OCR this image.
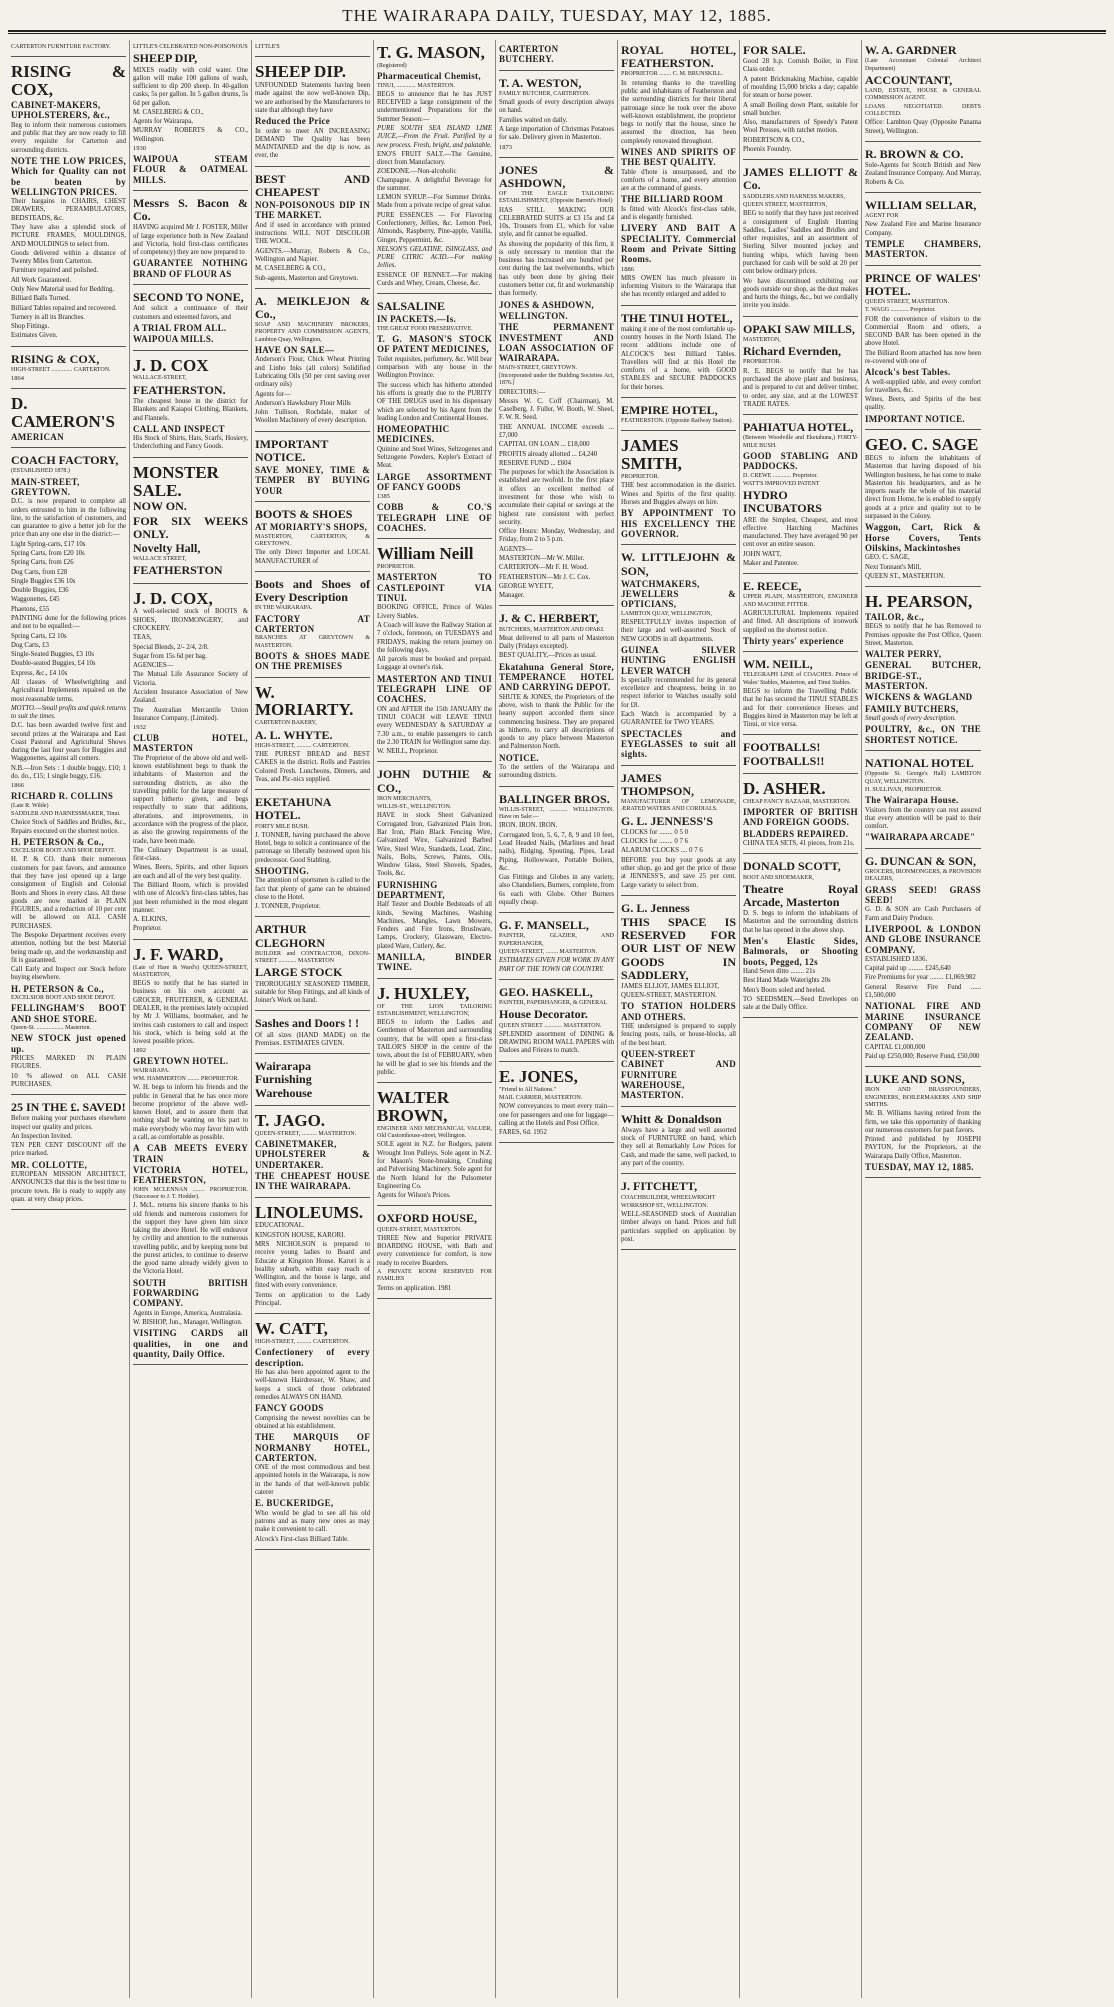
THE WAIRARAPA DAILY, TUESDAY, MAY 12, 1885.

CARTERTON FURNITURE FACTORY.

RISING & COX,

CABINET-MAKERS, UPHOLSTERERS, &c.,

Beg to inform their numerous customers and public that they are now ready to fill every requisite for Carterton and surrounding districts.

NOTE THE LOW PRICES, Which for Quality can not be beaten by WELLINGTON PRICES.

Their bargains in CHAIRS, CHEST DRAWERS, PERAMBULATORS, BEDSTEADS, &c.

They have also a splendid stock of PICTURE FRAMES, MOULDINGS, AND MOULDINGS to select from.

Goods delivered within a distance of Twenty Miles from Carterton.

Furniture repaired and polished.

All Work Guaranteed.

Only New Material used for Bedding.

Billiard Balls Turned.

Billiard Tables repaired and recovered.

Turnery in all its Branches.

Shop Fittings.

Estimates Given.

RISING & COX,

HIGH-STREET .............. CARTERTON.

1864

D. CAMERON'S

AMERICAN

COACH FACTORY,

(ESTABLISHED 1878.)

MAIN-STREET, GREYTOWN.

D.C. is now prepared to complete all orders entrusted to him in the following line, to the satisfaction of customers, and can guarantee to give a better job for the price than any one else in the district:—

Light Spring-carts, £17 10s

Spring Carts, from £20 10s

Spring Carts, from £26

Dog Carts, from £28

Single Buggies £36 10s

Double Buggies, £36

Waggonettes, £45

Phaetons, £55

PAINTING done for the following prices and not to be equalled:—

Spring Carts, £2 10s

Dog Carts, £3

Single-Seated Buggies, £3 10s

Double-seated Buggies, £4 10s

Express, &c., £4 10s

All classes of Wheelwrighting and Agricultural Implements repaired on the most reasonable terms.

MOTTO.—Small profits and quick returns to suit the times.

D.C. has been awarded twelve first and second prizes at the Wairarapa and East Coast Pastoral and Agricultural Shows during the last four years for Buggies and Waggonettes, against all comers.

N.B.—Iron Sets : 1 double buggy, £10; 1 do. do., £15; 1 single buggy, £16.

1866

RICHARD R. COLLINS

(Late R. Wilde)

SADDLER AND HARNESSMAKER, Tinui.

Choice Stock of Saddles and Bridles, &c., Repairs executed on the shortest notice.

H. PETERSON & Co.,

EXCELSIOR BOOT AND SHOE DEPOT.

H. P. & CO. thank their numerous customers for past favors, and announce that they have just opened up a large consignment of English and Colonial Boots and Shoes in every class. All these goods are now marked in PLAIN FIGURES, and a reduction of 10 per cent will be allowed on ALL CASH PURCHASES.

The Bespoke Department receives every attention, nothing but the best Material being made up, and the workmanship and fit is guaranteed.

Call Early and Inspect our Stock before buying elsewhere.

H. PETERSON & Co.,

EXCELSIOR BOOT AND SHOE DEPOT.

FELLINGHAM'S BOOT AND SHOE STORE.

Queen-St. .................. Masterton.

NEW STOCK just opened up.

PRICES MARKED IN PLAIN FIGURES.

10 % allowed on ALL CASH PURCHASES.

25 IN THE £. SAVED!

Before making your purchases elsewhere inspect our quality and prices.

An Inspection Invited.

TEN PER CENT DISCOUNT off the price marked.

MR. COLLOTTE,

EUROPEAN MISSION ARCHITECT, ANNOUNCES that this is the best time to procure town. He is ready to supply any quan. at very cheap prices.

LITTLE'S CELEBRATED NON-POISONOUS

SHEEP DIP,

MIXES readily with cold water. One gallon will make 100 gallons of wash, sufficient to dip 200 sheep. In 40-gallon casks, 5s per gallon. In 5 gallon drums, 5s 6d per gallon.

M. CASELBERG & CO.,

Agents for Wairarapa,

MURRAY ROBERTS & CO., Wellington.

1930

WAIPOUA STEAM FLOUR & OATMEAL MILLS.

Messrs S. Bacon & Co.

HAVING acquired Mr J. FOSTER, Miller of large experience both in New Zealand and Victoria, hold first-class certificates of competency) they are now prepared to

GUARANTEE NOTHING BRAND OF FLOUR AS

SECOND TO NONE,

And solicit a continuance of their customers and esteemed favors, and

A TRIAL FROM ALL.

WAIPOUA MILLS.

J. D. COX

WALLACE-STREET,

FEATHERSTON.

The cheapest house in the district for Blankets and Kaiapoi Clothing, Blankets, and Flannels.

CALL AND INSPECT

His Stock of Shirts, Hats, Scarfs, Hosiery, Underclothing and Fancy Goods.

MONSTER SALE.

NOW ON.

FOR SIX WEEKS ONLY.

Novelty Hall,

WALLACE STREET,

FEATHERSTON

J. D. COX,

A well-selected stock of BOOTS & SHOES, IRONMONGERY, and CROCKERY.

TEAS,

Special Blends, 2/- 2/4, 2/8.

Sugar from 15s 6d per bag.

AGENCIES—

The Mutual Life Assurance Society of Victoria.

Accident Insurance Association of New Zealand.

The Australian Mercantile Union Insurance Company, (Limited).

1932

CLUB HOTEL, MASTERTON

The Proprietor of the above old and well-known establishment begs to thank the inhabitants of Masterton and the surrounding districts, as also the travelling public for the large measure of support hitherto given, and begs respectfully to state that additions, alterations, and improvements, in accordance with the progress of the place, as also the growing requirements of the trade, have been made.

The Culinary Department is as usual, first-class.

Wines, Beers, Spirits, and other liquors are each and all of the very best quality.

The Billiard Room, which is provided with one of Alcock's first-class tables, has just been refurnished in the most elegant manner.

A. ELKINS,

Proprietor.

J. F. WARD,

(Late of Hare & Ward's) QUEEN-STREET, MASTERTON,

BEGS to notify that he has started in business on his own account as GROCER, FRUITERER, & GENERAL DEALER, in the premises lately occupied by Mr J. Williams, bootmaker, and he invites cash customers to call and inspect his stock, which is being sold at the lowest possible prices.

1892

GREYTOWN HOTEL.

WAIRARAPA.

WM. HAMMERTON ........ PROPRIETOR.

W. H. begs to inform his friends and the public in General that he has once more become proprietor of the above well-known Hotel, and to assure them that nothing shall be wanting on his part to make everybody who may favor him with a call, as comfortable as possible.

A CAB MEETS EVERY TRAIN

VICTORIA HOTEL, FEATHERSTON,

JOHN MCLENNAN ........ PROPRIETOR. (Successor to J. T. Hodder).

J. McL. returns his sincere thanks to his old friends and numerous customers for the support they have given him since taking the above Hotel. He will endeavor by civility and attention to the numerous travelling public, and by keeping none but the purest articles, to continue to deserve the good name already widely given to the Victoria Hotel.

SOUTH BRITISH FORWARDING COMPANY.

Agents in Europe, America, Australasia.

W. BISHOP, Jun., Manager, Wellington.

VISITING CARDS all qualities, in one and quantity, Daily Office.

LITTLE'S

SHEEP DIP.

UNFOUNDED Statements having been made against the now well-known Dip, we are authorised by the Manufacturers to state that although they have

Reduced the Price

In order to meet AN INCREASING DEMAND The Quality has been MAINTAINED and the dip is now, as ever, the

BEST AND CHEAPEST

NON-POISONOUS DIP IN THE MARKET.

And if used in accordance with printed instructions WILL NOT DISCOLOR THE WOOL.

AGENTS.—Murray, Roberts & Co., Wellington and Napier.

M. CASELBERG & CO.,

Sub-agents, Masterton and Greytown.

A. MEIKLEJON & Co.,

SOAP AND MACHINERY BROKERS, PROPERTY AND COMMISSION AGENTS, Lambton Quay, Wellington,

HAVE ON SALE—

Anderson's Flour, Chick Wheat Printing and Linho Inks (all colors) Solidified Lubricating Oils (50 per cent saving over ordinary oils)

Agents for—

Anderson's Hawksbury Flour Mills

John Tullison, Rochdale, maker of Woollen Machinery of every description.

IMPORTANT NOTICE.

SAVE MONEY, TIME & TEMPER BY BUYING YOUR

BOOTS & SHOES

AT MORIARTY'S SHOPS,

MASTERTON, CARTERTON, & GREYTOWN.

The only Direct Importer and LOCAL MANUFACTURER of

Boots and Shoes of Every Description

IN THE WAIRARAPA.

FACTORY AT CARTERTON

BRANCHES AT GREYTOWN & MASTERTON.

BOOTS & SHOES MADE ON THE PREMISES

W. MORIARTY.

CARTERTON BAKERY,

A. L. WHYTE.

HIGH-STREET, .......... CARTERTON.

THE PUREST BREAD and BEST CAKES in the district. Rolls and Pastries Colored Fresh. Luncheons, Dinners, and Teas, and Pic-nics supplied.

EKETAHUNA HOTEL.

FORTY MILE BUSH.

J. TONNER, having purchased the above Hotel, begs to solicit a continuance of the patronage so liberally bestowed upon his predecessor. Good Stabling.

SHOOTING.

The attention of sportsmen is called to the fact that plenty of game can be obtained close to the Hotel.

J. TONNER, Proprietor.

ARTHUR CLEGHORN

BUILDER and CONTRACTOR, DIXON-STREET ............ MASTERTON

LARGE STOCK

THOROUGHLY SEASONED TIMBER, suitable for Shop Fittings, and all kinds of Joiner's Work on hand.

Sashes and Doors ! !

Of all sizes (HAND MADE) on the Premises. ESTIMATES GIVEN.

Wairarapa Furnishing Warehouse

T. JAGO.

QUEEN-STREET, .......... MASTERTON.

CABINETMAKER, UPHOLSTERER & UNDERTAKER.

THE CHEAPEST HOUSE IN THE WAIRARAPA.

LINOLEUMS.

EDUCATIONAL.

KINGSTON HOUSE, KARORI.

MRS NICHOLSON is prepared to receive young ladies to Board and Educate at Kingston House. Karori is a healthy suburb, within easy reach of Wellington, and the house is large, and fitted with every convenience.

Terms on application to the Lady Principal.

W. CATT,

HIGH-STREET, .......... CARTERTON.

Confectionery of every description.

He has also been appointed agent to the well-known Hairdresser, W. Shaw, and keeps a stock of those celebrated remedies ALWAYS ON HAND.

FANCY GOODS

Comprising the newest novelties can be obtained at his establishment.

THE MARQUIS OF NORMANBY HOTEL, CARTERTON.

ONE of the most commodious and best appointed hotels in the Wairarapa, is now in the hands of that well-known public caterer

E. BUCKERIDGE,

Who would be glad to see all his old patrons and as many new ones as may make it convenient to call.

Alcock's First-class Billiard Table.

T. G. MASON,

(Registered)

Pharmaceutical Chemist,

TINUI, ............. MASTERTON.

BEGS to announce that he has JUST RECEIVED a large consignment of the undermentioned Preparations for the Summer Season:—

PURE SOUTH SEA ISLAND LIME JUICE,—From the Fruit. Purified by a new process. Fresh, bright, and palatable.

ENO'S FRUIT SALT.—The Genuine, direct from Manufactory.

ZOEDONE.—Non-alcoholic Champagne. A delightful Beverage for the summer.

LEMON SYRUP.—For Summer Drinks. Made from a private recipe of great value.

PURE ESSENCES — For Flavoring Confectionery, Jellies, &c. Lemon Peel, Almonds, Raspberry, Pine-apple, Vanilla, Ginger, Peppermint, &c.

NELSON'S GELATINE, ISINGLASS, and PURE CITRIC ACID.—For making Jellies.

ESSENCE OF RENNET.—For making Curds and Whey, Cream, Cheese, &c.

SALSALINE

IN PACKETS.—Is.

THE GREAT FOOD PRESERVATIVE.

T. G. MASON'S STOCK OF PATENT MEDICINES,

Toilet requisites, perfumery, &c. Will bear comparison with any house in the Wellington Province.

The success which has hitherto attended his efforts is greatly due to the PURITY OF THE DRUGS used in his dispensary which are selected by his Agent from the leading London and Continental Houses.

HOMEOPATHIC MEDICINES.

Quinine and Steel Wines, Seltzogenes and Seltzogene Powders, Kepler's Extract of Meat.

LARGE ASSORTMENT OF FANCY GOODS

1385

COBB & CO.'S TELEGRAPH LINE OF COACHES.

William Neill

PROPRIETOR.

MASTERTON TO CASTLEPOINT VIA TINUI.

BOOKING OFFICE, Prince of Wales Livery Stables.

A Coach will leave the Railway Station at 7 o'clock, forenoon, on TUESDAYS and FRIDAYS, making the return journey on the following days.

All parcels must be booked and prepaid. Luggage at owner's risk.

MASTERTON AND TINUI TELEGRAPH LINE OF COACHES.

ON and AFTER the 15th JANUARY the TINUI COACH will LEAVE TINUI every WEDNESDAY & SATURDAY at 7.30 a.m., to enable passengers to catch the 2.30 TRAIN for Wellington same day.

W. NEILL, Proprietor.

JOHN DUTHIE & CO.,

IRON MERCHANTS,

WILLIS-ST., WELLINGTON.

HAVE in stock Sheet Galvanized Corrugated Iron, Galvanized Plain Iron, Bar Iron, Plain Black Fencing Wire, Galvanized Wire, Galvanized Barbed Wire, Steel Wire, Standards, Lead, Zinc, Nails, Bolts, Screws, Paints, Oils, Window Glass, Steel Shovels, Spades, Tools, &c.

FURNISHING DEPARTMENT,

Half Tester and Double Bedsteads of all kinds, Sewing Machines, Washing Machines, Mangles, Lawn Mowers, Fenders and Fire Irons, Brushware, Lamps, Crockery, Glassware, Electro-plated Ware, Cutlery, &c.

MANILLA, BINDER TWINE.

J. HUXLEY,

OF THE LION TAILORING ESTABLISHMENT, WELLINGTON,

BEGS to inform the Ladies and Gentlemen of Masterton and surrounding country, that he will open a first-class TAILOR'S SHOP in the centre of the town, about the 1st of FEBRUARY, when he will be glad to see his friends and the public.

WALTER BROWN,

ENGINEER AND MECHANICAL VALUER, Old Customhouse-street, Wellington.

SOLE agent in N.Z. for Rodgers, patent Wrought Iron Pulleys. Sole agent in N.Z. for Mason's Stone-breaking, Crushing and Pulverising Machinery. Sole agent for the North Island for the Pulsometer Engineering Co.

Agents for Wilson's Prices.

OXFORD HOUSE,

QUEEN-STREET, MASTERTON.

THREE New and Superior PRIVATE BOARDING HOUSE, with Bath and every convenience for comfort, is now ready to receive Boarders.

A PRIVATE ROOM RESERVED FOR FAMILIES

Terms on application. 1981

CARTERTON BUTCHERY.

T. A. WESTON,

FAMILY BUTCHER, CARTERTON.

Small goods of every description always on hand.

Families waited on daily.

A large importation of Christmas Potatoes for sale. Delivery given in Masterton.

1873

JONES & ASHDOWN,

OF THE EAGLE TAILORING ESTABLISHMENT, (Opposite Barrett's Hotel)

HAS STILL MAKING OUR CELEBRATED SUITS at £3 15s and £4 10s, Trousers from £1, which for value style, and fit cannot be equalled.

As showing the popularity of this firm, it is only necessary to mention that the business has increased one hundred per cent during the last twelvemonths, which has only been done by giving their customers better cut, fit and workmanship than formerly.

JONES & ASHDOWN,

WELLINGTON.

THE PERMANENT INVESTMENT AND LOAN ASSOCIATION OF WAIRARAPA.

MAIN-STREET, GREYTOWN.

[Incorporated under the Building Societies Act, 1876.]

DIRECTORS:—

Messrs W. C. Coff (Chairman), M. Caselberg, J. Fuller, W. Booth, W. Sheel, F. W. R. Seed.

THE ANNUAL INCOME exceeds ... £7,000

CAPITAL ON LOAN ... £18,000

PROFITS already allotted ... £4,240

RESERVE FUND ... £604

The purposes for which the Association is established are twofold. In the first place it offers an excellent method of investment for those who wish to accumulate their capital or savings at the highest rate consistent with perfect security.

Office Hours: Monday, Wednesday, and Friday, from 2 to 5 p.m.

AGENTS—

MASTERTON—Mr W. Miller.

CARTERTON—Mr F. H. Wood.

FEATHERSTON—Mr J. C. Cox.

GEORGE WYETT,

Manager.

J. & C. HERBERT,

BUTCHERS, MASTERTON AND OPAKI.

Meat delivered to all parts of Masterton Daily (Fridays excepted).

BEST QUALITY,—Prices as usual.

Ekatahuna General Store, TEMPERANCE HOTEL AND CARRYING DEPOT.

SHUTE & JONES, the Proprietors of the above, wish to thank the Public for the hearty support accorded them since commencing business. They are prepared as hitherto, to carry all descriptions of goods to any place between Masterton and Palmerston North.

NOTICE.

To the settlers of the Wairarapa and surrounding districts.

BALLINGER BROS.

WILLIS-STREET, ............ WELLINGTON. Have on Sale:—

IRON. IRON. IRON.

Corrugated Iron, 5, 6, 7, 8, 9 and 10 feet, Lead Headed Nails, (Marlines and head nails), Ridging, Spouting, Pipes, Lead Piping, Hollowware, Portable Boilers, &c.

Gas Fittings and Globes in any variety, also Chandeliers, Burners, complete, from 6s each with Globe. Other Burners equally cheap.

G. F. MANSELL,

PAINTER, GLAZIER, AND PAPERHANGER,

QUEEN-STREET, ........ MASTERTON.

ESTIMATES GIVEN FOR WORK IN ANY PART OF THE TOWN OR COUNTRY.

GEO. HASKELL,

PAINTER, PAPERHANGER, & GENERAL

House Decorator.

QUEEN STREET ............ MASTERTON.

SPLENDID assortment of DINING & DRAWING ROOM WALL PAPERS with Dadoes and Friezes to match.

E. JONES,

"Friend to All Nations."

MAIL CARRIER, MASTERTON.

NOW conveyances to meet every train—one for passengers and one for luggage—calling at the Hotels and Post Office.

FARES, 6d. 1952

ROYAL HOTEL, FEATHERSTON.

PROPRIETOR ........ C. M. BRUNSKILL.

In returning thanks to the travelling public and inhabitants of Featherston and the surrounding districts for their liberal patronage since he took over the above well-known establishment, the proprietor begs to notify that the house, since he assumed the direction, has been completely renovated throughout.

WINES AND SPIRITS OF THE BEST QUALITY.

Table d'hote is unsurpassed, and the comforts of a home, and every attention are at the command of guests.

THE BILLIARD ROOM

Is fitted with Alcock's first-class table, and is elegantly furnished.

LIVERY AND BAIT A SPECIALITY. Commercial Room and Private Sitting Rooms.

1886

MRS OWEN has much pleasure in informing Visitors to the Wairarapa that she has recently enlarged and added to

THE TINUI HOTEL,

making it one of the most comfortable up-country houses in the North Island. The recent additions include one of ALCOCK'S best Billiard Tables. Travellers will find at this Hotel the comforts of a home, with GOOD STABLES and SECURE PADDOCKS for their horses.

EMPIRE HOTEL,

FEATHERSTON. (Opposite Railway Station).

JAMES SMITH,

PROPRIETOR.

THE best accommodation in the district. Wines and Spirits of the first quality. Horses and Buggies always on hire.

BY APPOINTMENT TO HIS EXCELLENCY THE GOVERNOR.

W. LITTLEJOHN & SON,

WATCHMAKERS, JEWELLERS & OPTICIANS,

LAMBTON QUAY, WELLINGTON,

RESPECTFULLY invites inspection of their large and well-assorted Stock of NEW GOODS in all departments.

GUINEA SILVER HUNTING ENGLISH LEVER WATCH

Is specially recommended for its general excellence and cheapness, being in no respect inferior to Watches usually sold for £8.

Each Watch is accompanied by a GUARANTEE for TWO YEARS.

SPECTACLES and EYEGLASSES to suit all sights.

JAMES THOMPSON,

MANUFACTURER OF LEMONADE, ÆRATED WATERS AND CORDIALS.

G. L. JENNESS'S

CLOCKS for ........ 0 5 0

CLOCKS for ........ 0 7 6

ALARUM CLOCKS .... 0 7 6

BEFORE you buy your goods at any other shop, go and get the price of those at JENNESS'S, and save 25 per cent. Large variety to select from.

G. L. Jenness

THIS SPACE IS RESERVED FOR OUR LIST OF NEW GOODS IN SADDLERY,

JAMES ELLIOT, JAMES ELLIOT,

QUEEN-STREET, MASTERTON.

TO STATION HOLDERS AND OTHERS.

THE undersigned is prepared to supply fencing posts, rails, or house-blocks, all of the best heart.

QUEEN-STREET CABINET AND FURNITURE WAREHOUSE, MASTERTON.

Whitt & Donaldson

Always have a large and well assorted stock of FURNITURE on hand, which they sell at Remarkably Low Prices for Cash, and made the same, well packed, to any part of the country.

J. FITCHETT,

COACHBUILDER, WHEELWRIGHT

WORKSHOP ST., WELLINGTON.

WELL-SEASONED stock of Australian timber always on hand. Prices and full particulars supplied on application by post.

FOR SALE.

Good 28 h.p. Cornish Boiler, in First Class order.

A patent Brickmaking Machine, capable of moulding 15,000 bricks a day; capable for steam or horse power.

A small Boiling down Plant, suitable for small butcher.

Also, manufacturers of Speedy's Patent Wool Presses, with ratchet motion.

ROBERTSON & CO.,

Phoenix Foundry.

JAMES ELLIOTT & Co.

SADDLERS AND HARNESS MAKERS,

QUEEN STREET, MASTERTON,

BEG to notify that they have just received a consignment of English Hunting Saddles, Ladies' Saddles and Bridles and other requisites, and an assortment of Sterling Silver mounted jockey and hunting whips, which having been purchased for cash will be sold at 20 per cent below ordinary prices.

We have discontinued exhibiting our goods outside our shop, as the dust makes and hurts the things, &c., but we cordially invite you inside.

OPAKI SAW MILLS,

MASTERTON,

Richard Evernden,

PROPRIETOR.

R. E. BEGS to notify that he has purchased the above plant and business, and is prepared to cut and deliver timber, to order, any size, and at the LOWEST TRADE RATES.

PAHIATUA HOTEL,

(Between Woodville and Eketahuna,) FORTY-MILE BUSH.

GOOD STABLING AND PADDOCKS.

D. CREWE ............ Proprietor.

WATT'S IMPROVED PATENT

HYDRO INCUBATORS

ARE the Simplest, Cheapest, and most effective Hatching Machines manufactured. They have averaged 90 per cent over an entire season.

JOHN WATT,

Maker and Patentee.

E. REECE,

UPPER PLAIN, MASTERTON, ENGINEER AND MACHINE FITTER.

AGRICULTURAL Implements repaired and fitted. All descriptions of ironwork supplied on the shortest notice.

Thirty years' experience

WM. NEILL,

TELEGRAPH LINE of COACHES. Prince of Wales' Stables, Masterton, and Tinui Stables.

BEGS to inform the Travelling Public that he has secured the TINUI STABLES and for their convenience Horses and Buggies hired in Masterton may be left at Tinui, or vice versa.

FOOTBALLS! FOOTBALLS!!

D. ASHER.

CHEAP FANCY BAZAAR, MASTERTON.

IMPORTER OF BRITISH AND FOREIGN GOODS.

BLADDERS REPAIRED.

CHINA TEA SETS, 41 pieces, from 21s.

DONALD SCOTT,

BOOT AND SHOEMAKER,

Theatre Royal Arcade, Masterton

D. S. begs to inform the inhabitants of Masterton and the surrounding districts that he has opened in the above shop.

Men's Elastic Sides, Balmorals, or Shooting boots, Pegged, 12s

Hand Sewn ditto ........ 21s

Best Hand Made Waterights 20s

Men's Boots soled and heeled.

TO SEEDSMEN.—Seed Envelopes on sale at the Daily Office.

W. A. GARDNER

(Late Accountant Colonial Architect Department)

ACCOUNTANT,

LAND, ESTATE, HOUSE & GENERAL COMMISSION AGENT.

LOANS NEGOTIATED. DEBTS COLLECTED.

Office: Lambton Quay (Opposite Panama Street), Wellington.

R. BROWN & CO.

Sole-Agents for Scotch British and New Zealand Insurance Company. And Murray, Roberts & Co.

WILLIAM SELLAR,

AGENT FOR

New Zealand Fire and Marine Insurance Company.

TEMPLE CHAMBERS, MASTERTON.

PRINCE OF WALES' HOTEL.

QUEEN STREET, MASTERTON.

T. WAGG ............ Proprietor.

FOR the convenience of visitors to the Commercial Room and others, a SECOND BAR has been opened in the above Hotel.

The Billiard Room attached has now been re-covered with one of

Alcock's best Tables.

A well-supplied table, and every comfort for travellers, &c.

Wines, Beers, and Spirits of the best quality.

IMPORTANT NOTICE.

GEO. C. SAGE

BEGS to inform the inhabitants of Masterton that having disposed of his Wellington business, he has come to make Masterton his headquarters, and as he imports nearly the whole of his material direct from Home, he is enabled to supply goods at a price and quality not to be surpassed in the Colony.

Waggon, Cart, Rick & Horse Covers, Tents Oilskins, Mackintoshes

GEO. C. SAGE,

Next Tonnant's Mill,

QUEEN ST., MASTERTON.

H. PEARSON,

TAILOR, &c.,

BEGS to notify that he has Removed to Premises opposite the Post Office, Queen Street, Masterton.

WALTER PERRY,

GENERAL BUTCHER, BRIDGE-ST., MASTERTON.

WICKENS & WAGLAND

FAMILY BUTCHERS,

Small goods of every description.

POULTRY, &c., ON THE SHORTEST NOTICE.

NATIONAL HOTEL

(Opposite St. George's Hall) LAMBTON QUAY, WELLINGTON.

H. SULLIVAN, PROPRIETOR.

The Wairarapa House.

Visitors from the country can rest assured that every attention will be paid to their comfort.

"WAIRARAPA ARCADE"

G. DUNCAN & SON,

GROCERS, IRONMONGERS, & PROVISION DEALERS,

GRASS SEED! GRASS SEED!

G. D. & SON are Cash Purchasers of Farm and Dairy Produce.

LIVERPOOL & LONDON AND GLOBE INSURANCE COMPANY.

ESTABLISHED 1836.

Capital paid up ......... £245,640

Fire Premiums for year ........ £1,069,982

General Reserve Fire Fund ...... £1,500,000

NATIONAL FIRE AND MARINE INSURANCE COMPANY OF NEW ZEALAND.

CAPITAL £1,000,000

Paid up £250,000; Reserve Fund, £50,000

LUKE AND SONS,

IRON AND BRASSFOUNDERS, ENGINEERS, BOILERMAKERS AND SHIP SMITHS.

Mr. B. Williams having retired from the firm, we take this opportunity of thanking our numerous customers for past favors.

Printed and published by JOSEPH PAYTON, for the Proprietors, at the Wairarapa Daily Office, Masterton.

TUESDAY, MAY 12, 1885.
